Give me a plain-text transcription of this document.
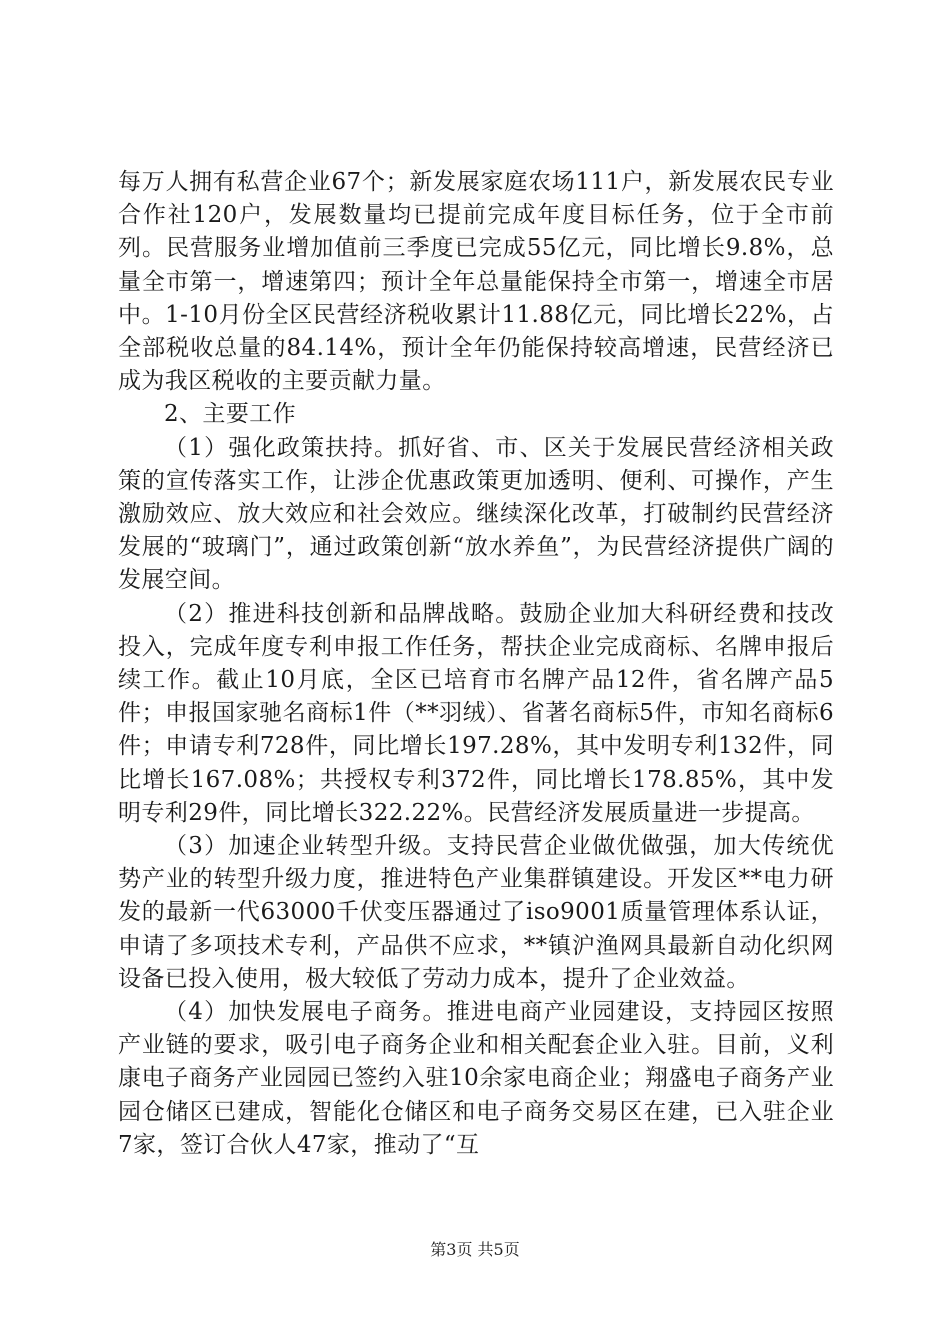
每万人拥有私营企业67个；新发展家庭农场111户，新发展农民专业合作社120户，发展数量均已提前完成年度目标任务，位于全市前列。民营服务业增加值前三季度已完成55亿元，同比增长9.8%，总量全市第一，增速第四；预计全年总量能保持全市第一，增速全市居中。1-10月份全区民营经济税收累计11.88亿元，同比增长22%，占全部税收总量的84.14%，预计全年仍能保持较高增速，民营经济已成为我区税收的主要贡献力量。

2、主要工作

（1）强化政策扶持。抓好省、市、区关于发展民营经济相关政策的宣传落实工作，让涉企优惠政策更加透明、便利、可操作，产生激励效应、放大效应和社会效应。继续深化改革，打破制约民营经济发展的“玻璃门”，通过政策创新“放水养鱼”，为民营经济提供广阔的发展空间。

（2）推进科技创新和品牌战略。鼓励企业加大科研经费和技改投入，完成年度专利申报工作任务，帮扶企业完成商标、名牌申报后续工作。截止10月底，全区已培育市名牌产品12件，省名牌产品5件；申报国家驰名商标1件（**羽绒）、省著名商标5件，市知名商标6件；申请专利728件，同比增长197.28%，其中发明专利132件，同比增长167.08%；共授权专利372件，同比增长178.85%，其中发明专利29件，同比增长322.22%。民营经济发展质量进一步提高。

（3）加速企业转型升级。支持民营企业做优做强，加大传统优势产业的转型升级力度，推进特色产业集群镇建设。开发区**电力研发的最新一代63000千伏变压器通过了iso9001质量管理体系认证，申请了多项技术专利，产品供不应求，**镇沪渔网具最新自动化织网设备已投入使用，极大较低了劳动力成本，提升了企业效益。

（4）加快发展电子商务。推进电商产业园建设，支持园区按照产业链的要求，吸引电子商务企业和相关配套企业入驻。目前，义利康电子商务产业园园已签约入驻10余家电商企业；翔盛电子商务产业园仓储区已建成，智能化仓储区和电子商务交易区在建，已入驻企业7家，签订合伙人47家，推动了“互

第3页 共5页
